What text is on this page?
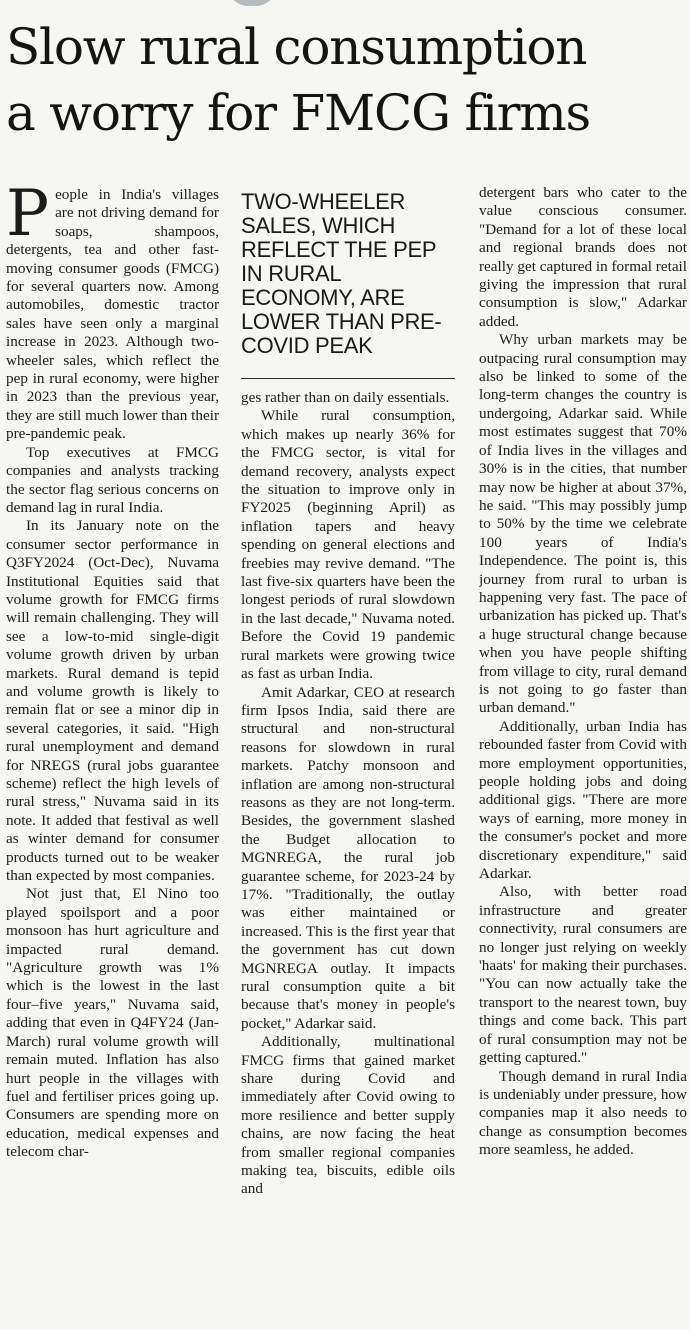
Slow rural consumption
a worry for FMCG firms

People in India's villages are not driving demand for soaps, shampoos, detergents, tea and other fast-moving consumer goods (FMCG) for several quarters now. Among automobiles, domestic tractor sales have seen only a marginal increase in 2023. Although two-wheeler sales, which reflect the pep in rural economy, were higher in 2023 than the previous year, they are still much lower than their pre-pandemic peak.

Top executives at FMCG companies and analysts tracking the sector flag serious concerns on demand lag in rural India.

In its January note on the consumer sector performance in Q3FY2024 (Oct-Dec), Nuvama Institutional Equities said that volume growth for FMCG firms will remain challenging. They will see a low-to-mid single-digit volume growth driven by urban markets. Rural demand is tepid and volume growth is likely to remain flat or see a minor dip in several categories, it said. "High rural unemployment and demand for NREGS (rural jobs guarantee scheme) reflect the high levels of rural stress," Nuvama said in its note. It added that festival as well as winter demand for consumer products turned out to be weaker than expected by most companies.

Not just that, El Nino too played spoilsport and a poor monsoon has hurt agriculture and impacted rural demand. "Agriculture growth was 1% which is the lowest in the last four–five years," Nuvama said, adding that even in Q4FY24 (Jan-March) rural volume growth will remain muted. Inflation has also hurt people in the villages with fuel and fertiliser prices going up. Consumers are spending more on education, medical expenses and telecom char-

TWO-WHEELER SALES, WHICH REFLECT THE PEP IN RURAL ECONOMY, ARE LOWER THAN PRE-COVID PEAK

ges rather than on daily essentials.

While rural consumption, which makes up nearly 36% for the FMCG sector, is vital for demand recovery, analysts expect the situation to improve only in FY2025 (beginning April) as inflation tapers and heavy spending on general elections and freebies may revive demand. "The last five-six quarters have been the longest periods of rural slowdown in the last decade," Nuvama noted. Before the Covid 19 pandemic rural markets were growing twice as fast as urban India.

Amit Adarkar, CEO at research firm Ipsos India, said there are structural and non-structural reasons for slowdown in rural markets. Patchy monsoon and inflation are among non-structural reasons as they are not long-term. Besides, the government slashed the Budget allocation to MGNREGA, the rural job guarantee scheme, for 2023-24 by 17%. "Traditionally, the outlay was either maintained or increased. This is the first year that the government has cut down MGNREGA outlay. It impacts rural consumption quite a bit because that's money in people's pocket," Adarkar said.

Additionally, multinational FMCG firms that gained market share during Covid and immediately after Covid owing to more resilience and better supply chains, are now facing the heat from smaller regional companies making tea, biscuits, edible oils and

detergent bars who cater to the value conscious consumer. "Demand for a lot of these local and regional brands does not really get captured in formal retail giving the impression that rural consumption is slow," Adarkar added.

Why urban markets may be outpacing rural consumption may also be linked to some of the long-term changes the country is undergoing, Adarkar said. While most estimates suggest that 70% of India lives in the villages and 30% is in the cities, that number may now be higher at about 37%, he said. "This may possibly jump to 50% by the time we celebrate 100 years of India's Independence. The point is, this journey from rural to urban is happening very fast. The pace of urbanization has picked up. That's a huge structural change because when you have people shifting from village to city, rural demand is not going to go faster than urban demand."

Additionally, urban India has rebounded faster from Covid with more employment opportunities, people holding jobs and doing additional gigs. "There are more ways of earning, more money in the consumer's pocket and more discretionary expenditure," said Adarkar.

Also, with better road infrastructure and greater connectivity, rural consumers are no longer just relying on weekly 'haats' for making their purchases. "You can now actually take the transport to the nearest town, buy things and come back. This part of rural consumption may not be getting captured."

Though demand in rural India is undeniably under pressure, how companies map it also needs to change as consumption becomes more seamless, he added.
